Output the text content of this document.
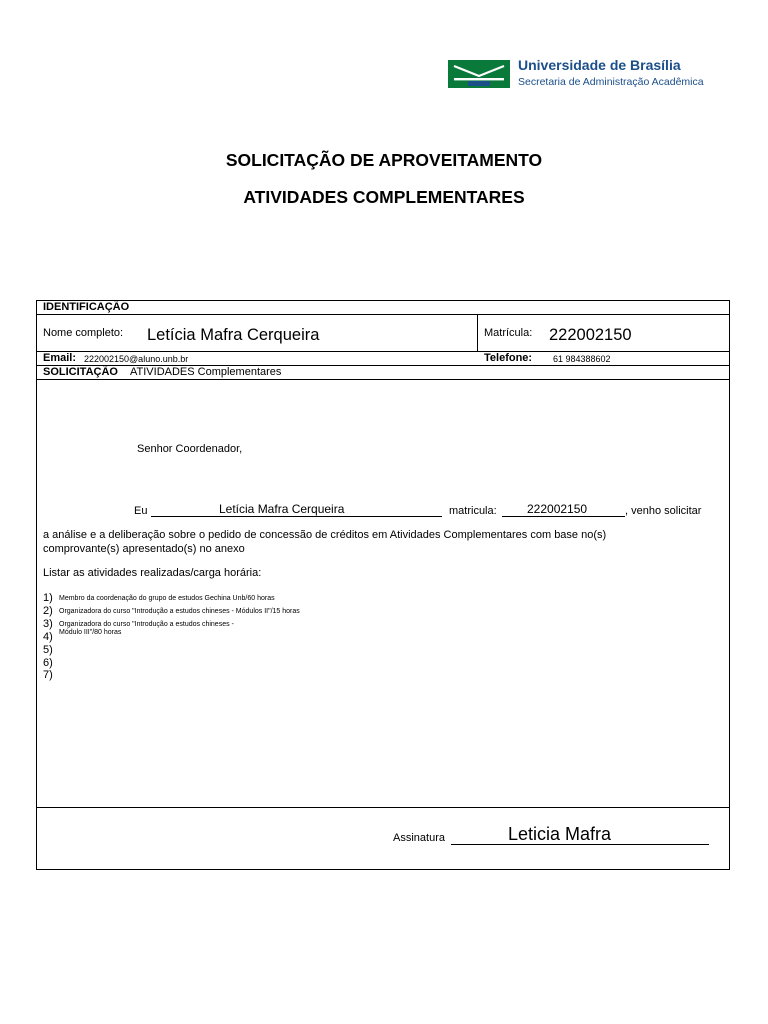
Universidade de Brasília
Secretaria de Administração Acadêmica
SOLICITAÇÃO DE APROVEITAMENTO
ATIVIDADES COMPLEMENTARES
IDENTIFICAÇÃO
Nome completo: Letícia Mafra Cerqueira	Matrícula: 222002150
Email: 222002150@aluno.unb.br	Telefone: 61 984388602
SOLICITAÇÃO ATIVIDADES Complementares
Senhor Coordenador,
Eu	Letícia Mafra Cerqueira	matricula:	222002150	, venho solicitar
a análise e a deliberação sobre o pedido de concessão de créditos em Atividades Complementares com base no(s)
comprovante(s) apresentado(s) no anexo
Listar as atividades realizadas/carga horária:
1) Membro da coordenação do grupo de estudos Gechina Unb/60 horas
2) Organizadora do curso "Introdução a estudos chineses - Módulos II"/15 horas
3) Organizadora do curso "Introdução a estudos chineses -
4) Módulo III"/80 horas
5)
6)
7)
Assinatura	Leticia Mafra
